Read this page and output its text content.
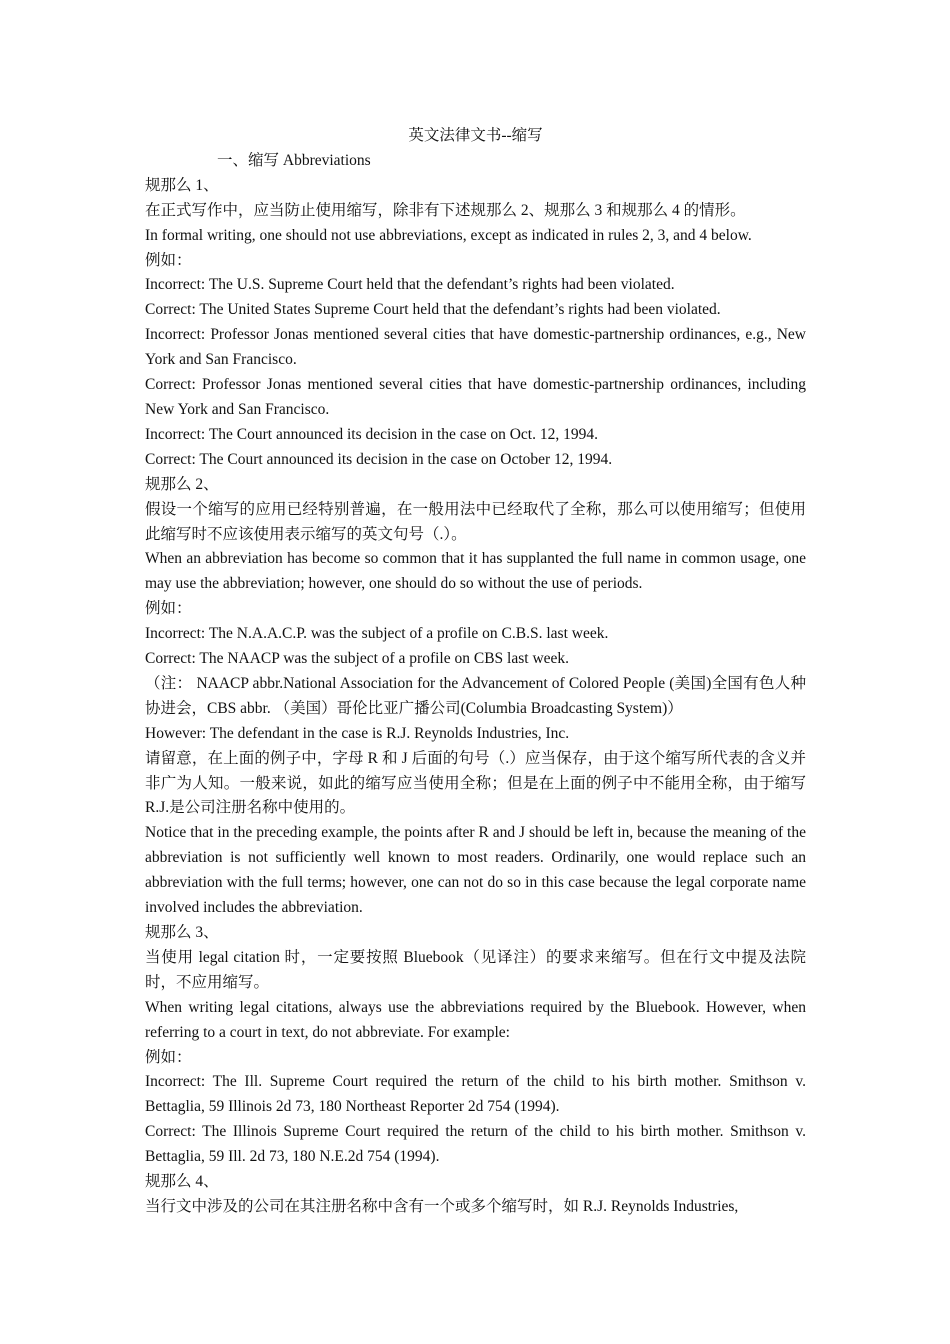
英文法律文书--缩写

一、缩写 Abbreviations

规那么 1、

在正式写作中，应当防止使用缩写，除非有下述规那么 2、规那么 3 和规那么 4 的情形。

In formal writing, one should not use abbreviations, except as indicated in rules 2, 3, and 4 below.

例如：

Incorrect: The U.S. Supreme Court held that the defendant’s rights had been violated.

Correct: The United States Supreme Court held that the defendant’s rights had been violated.

Incorrect: Professor Jonas mentioned several cities that have domestic-partnership ordinances, e.g., New York and San Francisco.

Correct: Professor Jonas mentioned several cities that have domestic-partnership ordinances, including New York and San Francisco.

Incorrect: The Court announced its decision in the case on Oct. 12, 1994.

Correct: The Court announced its decision in the case on October 12, 1994.

规那么 2、

假设一个缩写的应用已经特别普遍，在一般用法中已经取代了全称，那么可以使用缩写；但使用此缩写时不应该使用表示缩写的英文句号（.）。

When an abbreviation has become so common that it has supplanted the full name in common usage, one may use the abbreviation; however, one should do so without the use of periods.

例如：

Incorrect: The N.A.A.C.P. was the subject of a profile on C.B.S. last week.

Correct: The NAACP was the subject of a profile on CBS last week.

（注： NAACP abbr.National Association for the Advancement of Colored People (美国)全国有色人种协进会，CBS abbr. （美国）哥伦比亚广播公司(Columbia Broadcasting System)）

However: The defendant in the case is R.J. Reynolds Industries, Inc.

请留意，在上面的例子中，字母 R 和 J 后面的句号（.）应当保存，由于这个缩写所代表的含义并非广为人知。一般来说，如此的缩写应当使用全称；但是在上面的例子中不能用全称，由于缩写 R.J.是公司注册名称中使用的。

Notice that in the preceding example, the points after R and J should be left in, because the meaning of the abbreviation is not sufficiently well known to most readers. Ordinarily, one would replace such an abbreviation with the full terms; however, one can not do so in this case because the legal corporate name involved includes the abbreviation.

规那么 3、

当使用 legal citation 时，一定要按照 Bluebook（见译注）的要求来缩写。但在行文中提及法院时，不应用缩写。

When writing legal citations, always use the abbreviations required by the Bluebook. However, when referring to a court in text, do not abbreviate. For example:

例如：

Incorrect: The Ill. Supreme Court required the return of the child to his birth mother. Smithson v. Bettaglia, 59 Illinois 2d 73, 180 Northeast Reporter 2d 754 (1994).

Correct: The Illinois Supreme Court required the return of the child to his birth mother. Smithson v. Bettaglia, 59 Ill. 2d 73, 180 N.E.2d 754 (1994).

规那么 4、

当行文中涉及的公司在其注册名称中含有一个或多个缩写时，如 R.J. Reynolds Industries,
